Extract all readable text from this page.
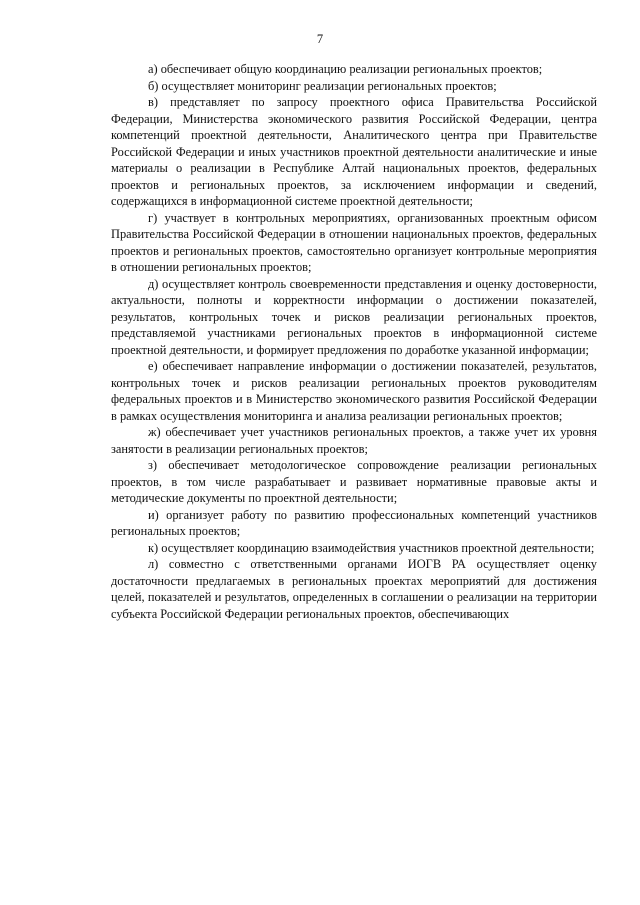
7

а) обеспечивает общую координацию реализации региональных проектов;

б) осуществляет мониторинг реализации региональных проектов;

в) представляет по запросу проектного офиса Правительства Российской Федерации, Министерства экономического развития Российской Федерации, центра компетенций проектной деятельности, Аналитического центра при Правительстве Российской Федерации и иных участников проектной деятельности аналитические и иные материалы о реализации в Республике Алтай национальных проектов, федеральных проектов и региональных проектов, за исключением информации и сведений, содержащихся в информационной системе проектной деятельности;

г) участвует в контрольных мероприятиях, организованных проектным офисом Правительства Российской Федерации в отношении национальных проектов, федеральных проектов и региональных проектов, самостоятельно организует контрольные мероприятия в отношении региональных проектов;

д) осуществляет контроль своевременности представления и оценку достоверности, актуальности, полноты и корректности информации о достижении показателей, результатов, контрольных точек и рисков реализации региональных проектов, представляемой участниками региональных проектов в информационной системе проектной деятельности, и формирует предложения по доработке указанной информации;

е) обеспечивает направление информации о достижении показателей, результатов, контрольных точек и рисков реализации региональных проектов руководителям федеральных проектов и в Министерство экономического развития Российской Федерации в рамках осуществления мониторинга и анализа реализации региональных проектов;

ж) обеспечивает учет участников региональных проектов, а также учет их уровня занятости в реализации региональных проектов;

з) обеспечивает методологическое сопровождение реализации региональных проектов, в том числе разрабатывает и развивает нормативные правовые акты и методические документы по проектной деятельности;

и) организует работу по развитию профессиональных компетенций участников региональных проектов;

к) осуществляет координацию взаимодействия участников проектной деятельности;

л) совместно с ответственными органами ИОГВ РА осуществляет оценку достаточности предлагаемых в региональных проектах мероприятий для достижения целей, показателей и результатов, определенных в соглашении о реализации на территории субъекта Российской Федерации региональных проектов, обеспечивающих
